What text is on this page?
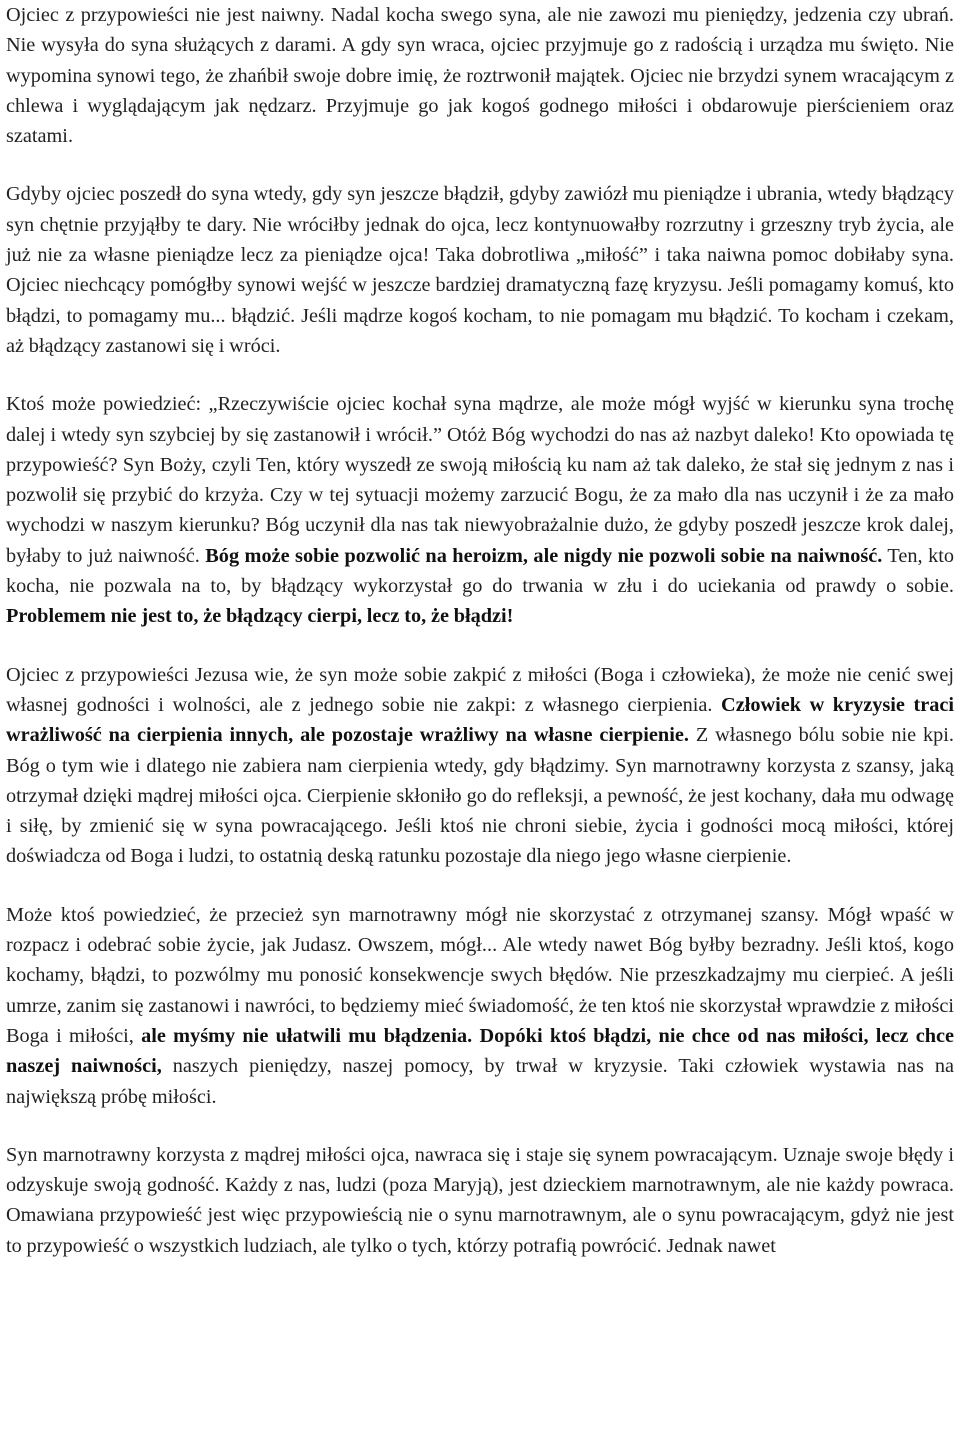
Ojciec z przypowieści nie jest naiwny. Nadal kocha swego syna, ale nie zawozi mu pieniędzy, jedzenia czy ubrań. Nie wysyła do syna służących z darami. A gdy syn wraca, ojciec przyjmuje go z radością i urządza mu święto. Nie wypomina synowi tego, że zhańbił swoje dobre imię, że roztrwonił majątek. Ojciec nie brzydzi synem wracającym z chlewa i wyglądającym jak nędzarz. Przyjmuje go jak kogoś godnego miłości i obdarowuje pierścieniem oraz szatami.

Gdyby ojciec poszedł do syna wtedy, gdy syn jeszcze błądził, gdyby zawiózł mu pieniądze i ubrania, wtedy błądzący syn chętnie przyjąłby te dary. Nie wróciłby jednak do ojca, lecz kontynuowałby rozrzutny i grzeszny tryb życia, ale już nie za własne pieniądze lecz za pieniądze ojca! Taka dobrotliwa „miłość” i taka naiwna pomoc dobiłaby syna. Ojciec niechcący pomógłby synowi wejść w jeszcze bardziej dramatyczną fazę kryzysu. Jeśli pomagamy komuś, kto błądzi, to pomagamy mu... błądzić. Jeśli mądrze kogoś kocham, to nie pomagam mu błądzić. To kocham i czekam, aż błądzący zastanowi się i wróci.

Ktoś może powiedzieć: „Rzeczywiście ojciec kochał syna mądrze, ale może mógł wyjść w kierunku syna trochę dalej i wtedy syn szybciej by się zastanowił i wrócił.” Otóż Bóg wychodzi do nas aż nazbyt daleko! Kto opowiada tę przypowieść? Syn Boży, czyli Ten, który wyszedł ze swoją miłością ku nam aż tak daleko, że stał się jednym z nas i pozwolił się przybić do krzyża. Czy w tej sytuacji możemy zarzucić Bogu, że za mało dla nas uczynił i że za mało wychodzi w naszym kierunku? Bóg uczynił dla nas tak niewyobrażalnie dużo, że gdyby poszedł jeszcze krok dalej, byłaby to już naiwność. Bóg może sobie pozwolić na heroizm, ale nigdy nie pozwoli sobie na naiwność. Ten, kto kocha, nie pozwala na to, by błądzący wykorzystał go do trwania w złu i do uciekania od prawdy o sobie. Problemem nie jest to, że błądzący cierpi, lecz to, że błądzi!

Ojciec z przypowieści Jezusa wie, że syn może sobie zakpić z miłości (Boga i człowieka), że może nie cenić swej własnej godności i wolności, ale z jednego sobie nie zakpi: z własnego cierpienia. Człowiek w kryzysie traci wrażliwość na cierpienia innych, ale pozostaje wrażliwy na własne cierpienie. Z własnego bólu sobie nie kpi. Bóg o tym wie i dlatego nie zabiera nam cierpienia wtedy, gdy błądzimy. Syn marnotrawny korzysta z szansy, jaką otrzymał dzięki mądrej miłości ojca. Cierpienie skłoniło go do refleksji, a pewność, że jest kochany, dała mu odwagę i siłę, by zmienić się w syna powracającego. Jeśli ktoś nie chroni siebie, życia i godności mocą miłości, której doświadcza od Boga i ludzi, to ostatnią deską ratunku pozostaje dla niego jego własne cierpienie.

Może ktoś powiedzieć, że przecież syn marnotrawny mógł nie skorzystać z otrzymanej szansy. Mógł wpaść w rozpacz i odebrać sobie życie, jak Judasz. Owszem, mógł... Ale wtedy nawet Bóg byłby bezradny. Jeśli ktoś, kogo kochamy, błądzi, to pozwólmy mu ponosić konsekwencje swych błędów. Nie przeszkadzajmy mu cierpieć. A jeśli umrze, zanim się zastanowi i nawróci, to będziemy mieć świadomość, że ten ktoś nie skorzystał wprawdzie z miłości Boga i miłości, ale myśmy nie ułatwili mu błądzenia. Dopóki ktoś błądzi, nie chce od nas miłości, lecz chce naszej naiwności, naszych pieniędzy, naszej pomocy, by trwał w kryzysie. Taki człowiek wystawia nas na największą próbę miłości.

Syn marnotrawny korzysta z mądrej miłości ojca, nawraca się i staje się synem powracającym. Uznaje swoje błędy i odzyskuje swoją godność. Każdy z nas, ludzi (poza Maryją), jest dzieckiem marnotrawnym, ale nie każdy powraca. Omawiana przypowieść jest więc przypowieścią nie o synu marnotrawnym, ale o synu powracającym, gdyż nie jest to przypowieść o wszystkich ludziach, ale tylko o tych, którzy potrafią powrócić. Jednak nawet
